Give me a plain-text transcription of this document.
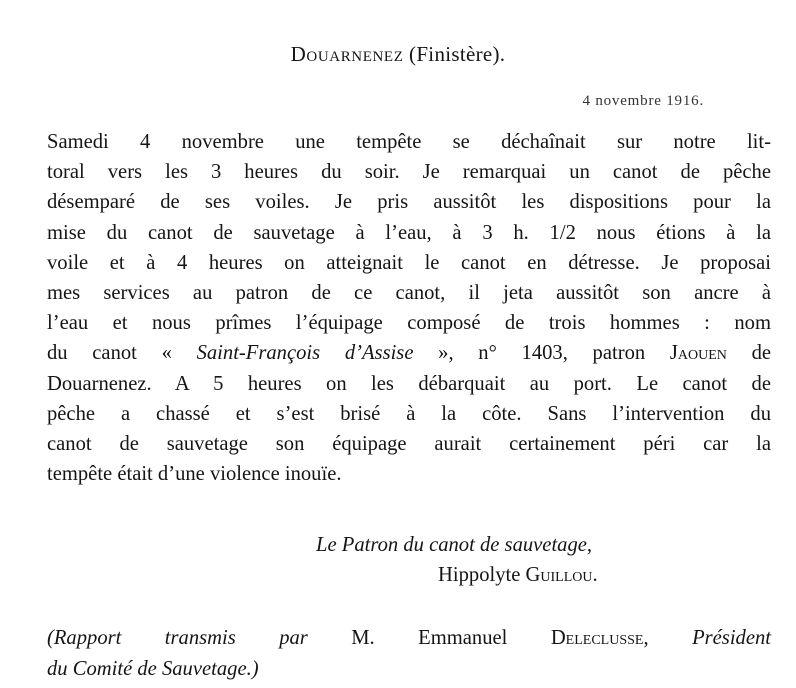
Douarnenez (Finistère).
4 novembre 1916.
Samedi 4 novembre une tempête se déchaînait sur notre lit-
toral vers les 3 heures du soir. Je remarquai un canot de pêche
désemparé de ses voiles. Je pris aussitôt les dispositions pour la
mise du canot de sauvetage à l’eau, à 3 h. 1/2 nous étions à la
voile et à 4 heures on atteignait le canot en détresse. Je proposai
mes services au patron de ce canot, il jeta aussitôt son ancre à
l’eau et nous prîmes l’équipage composé de trois hommes : nom
du canot « Saint-François d’Assise », n° 1403, patron Jaouen de
Douarnenez. A 5 heures on les débarquait au port. Le canot de
pêche a chassé et s’est brisé à la côte. Sans l’intervention du
canot de sauvetage son équipage aurait certainement péri car la
tempête était d’une violence inouïe.
Le Patron du canot de sauvetage,
Hippolyte Guillou.
(Rapport transmis par M. Emmanuel Deleclusse, Président
du Comité de Sauvetage.)
